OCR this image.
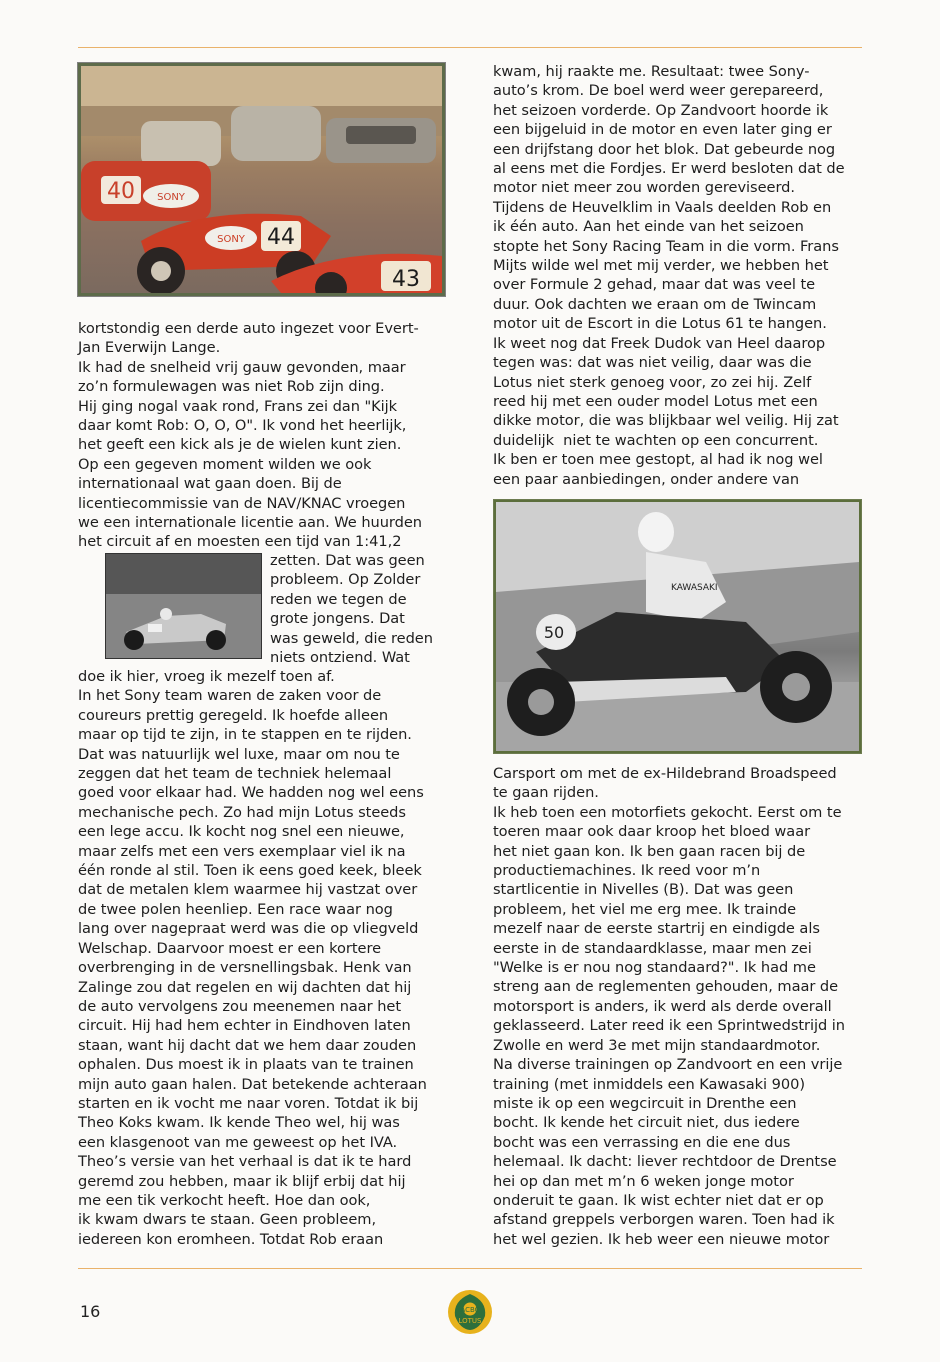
40 SONY
SONY 44
43

kortstondig een derde auto ingezet voor Evert-

Jan Everwijn Lange.

Ik had de snelheid vrij gauw gevonden, maar

zo’n formulewagen was niet Rob zijn ding.

Hij ging nogal vaak rond, Frans zei dan "Kijk

daar komt Rob: O, O, O". Ik vond het heerlijk,

het geeft een kick als je de wielen kunt zien.

Op een gegeven moment wilden we ook

internationaal wat gaan doen. Bij de

licentiecommissie van de NAV/KNAC vroegen

we een internationale licentie aan. We huurden

het circuit af en moesten een tijd van 1:41,2

zetten. Dat was geen

probleem. Op Zolder

reden we tegen de

grote jongens. Dat

was geweld, die reden

niets ontziend. Wat

doe ik hier, vroeg ik mezelf toen af.

In het Sony team waren de zaken voor de

coureurs prettig geregeld. Ik hoefde alleen

maar op tijd te zijn, in te stappen en te rijden.

Dat was natuurlijk wel luxe, maar om nou te

zeggen dat het team de techniek helemaal

goed voor elkaar had. We hadden nog wel eens

mechanische pech. Zo had mijn Lotus steeds

een lege accu. Ik kocht nog snel een nieuwe,

maar zelfs met een vers exemplaar viel ik na

één ronde al stil. Toen ik eens goed keek, bleek

dat de metalen klem waarmee hij vastzat over

de twee polen heenliep. Een race waar nog

lang over nagepraat werd was die op vliegveld

Welschap. Daarvoor moest er een kortere

overbrenging in de versnellingsbak. Henk van

Zalinge zou dat regelen en wij dachten dat hij

de auto vervolgens zou meenemen naar het

circuit. Hij had hem echter in Eindhoven laten

staan, want hij dacht dat we hem daar zouden

ophalen. Dus moest ik in plaats van te trainen

mijn auto gaan halen. Dat betekende achteraan

starten en ik vocht me naar voren. Totdat ik bij

Theo Koks kwam. Ik kende Theo wel, hij was

een klasgenoot van me geweest op het IVA.

Theo’s versie van het verhaal is dat ik te hard

geremd zou hebben, maar ik blijf erbij dat hij

me een tik verkocht heeft. Hoe dan ook,

ik kwam dwars te staan. Geen probleem,

iedereen kon eromheen. Totdat Rob eraan

kwam, hij raakte me. Resultaat: twee Sony-

auto’s krom. De boel werd weer gerepareerd,

het seizoen vorderde. Op Zandvoort hoorde ik

een bijgeluid in de motor en even later ging er

een drijfstang door het blok. Dat gebeurde nog

al eens met die Fordjes. Er werd besloten dat de

motor niet meer zou worden gereviseerd.

Tijdens de Heuvelklim in Vaals deelden Rob en

ik één auto. Aan het einde van het seizoen

stopte het Sony Racing Team in die vorm. Frans

Mijts wilde wel met mij verder, we hebben het

over Formule 2 gehad, maar dat was veel te

duur. Ook dachten we eraan om de Twincam

motor uit de Escort in die Lotus 61 te hangen.

Ik weet nog dat Freek Dudok van Heel daarop

tegen was: dat was niet veilig, daar was die

Lotus niet sterk genoeg voor, zo zei hij. Zelf

reed hij met een ouder model Lotus met een

dikke motor, die was blijkbaar wel veilig. Hij zat

duidelijk  niet te wachten op een concurrent.

Ik ben er toen mee gestopt, al had ik nog wel

een paar aanbiedingen, onder andere van

KAWASAKI
50

Carsport om met de ex-Hildebrand Broadspeed

te gaan rijden.

Ik heb toen een motorfiets gekocht. Eerst om te

toeren maar ook daar kroop het bloed waar

het niet gaan kon. Ik ben gaan racen bij de

productiemachines. Ik reed voor m’n

startlicentie in Nivelles (B). Dat was geen

probleem, het viel me erg mee. Ik trainde

mezelf naar de eerste startrij en eindigde als

eerste in de standaardklasse, maar men zei

"Welke is er nou nog standaard?". Ik had me

streng aan de reglementen gehouden, maar de

motorsport is anders, ik werd als derde overall

geklasseerd. Later reed ik een Sprintwedstrijd in

Zwolle en werd 3e met mijn standaardmotor.

Na diverse trainingen op Zandvoort en een vrije

training (met inmiddels een Kawasaki 900)

miste ik op een wegcircuit in Drenthe een

bocht. Ik kende het circuit niet, dus iedere

bocht was een verrassing en die ene dus

helemaal. Ik dacht: liever rechtdoor de Drentse

hei op dan met m’n 6 weken jonge motor

onderuit te gaan. Ik wist echter niet dat er op

afstand greppels verborgen waren. Toen had ik

het wel gezien. Ik heb weer een nieuwe motor

16	ACBC
LOTUS
